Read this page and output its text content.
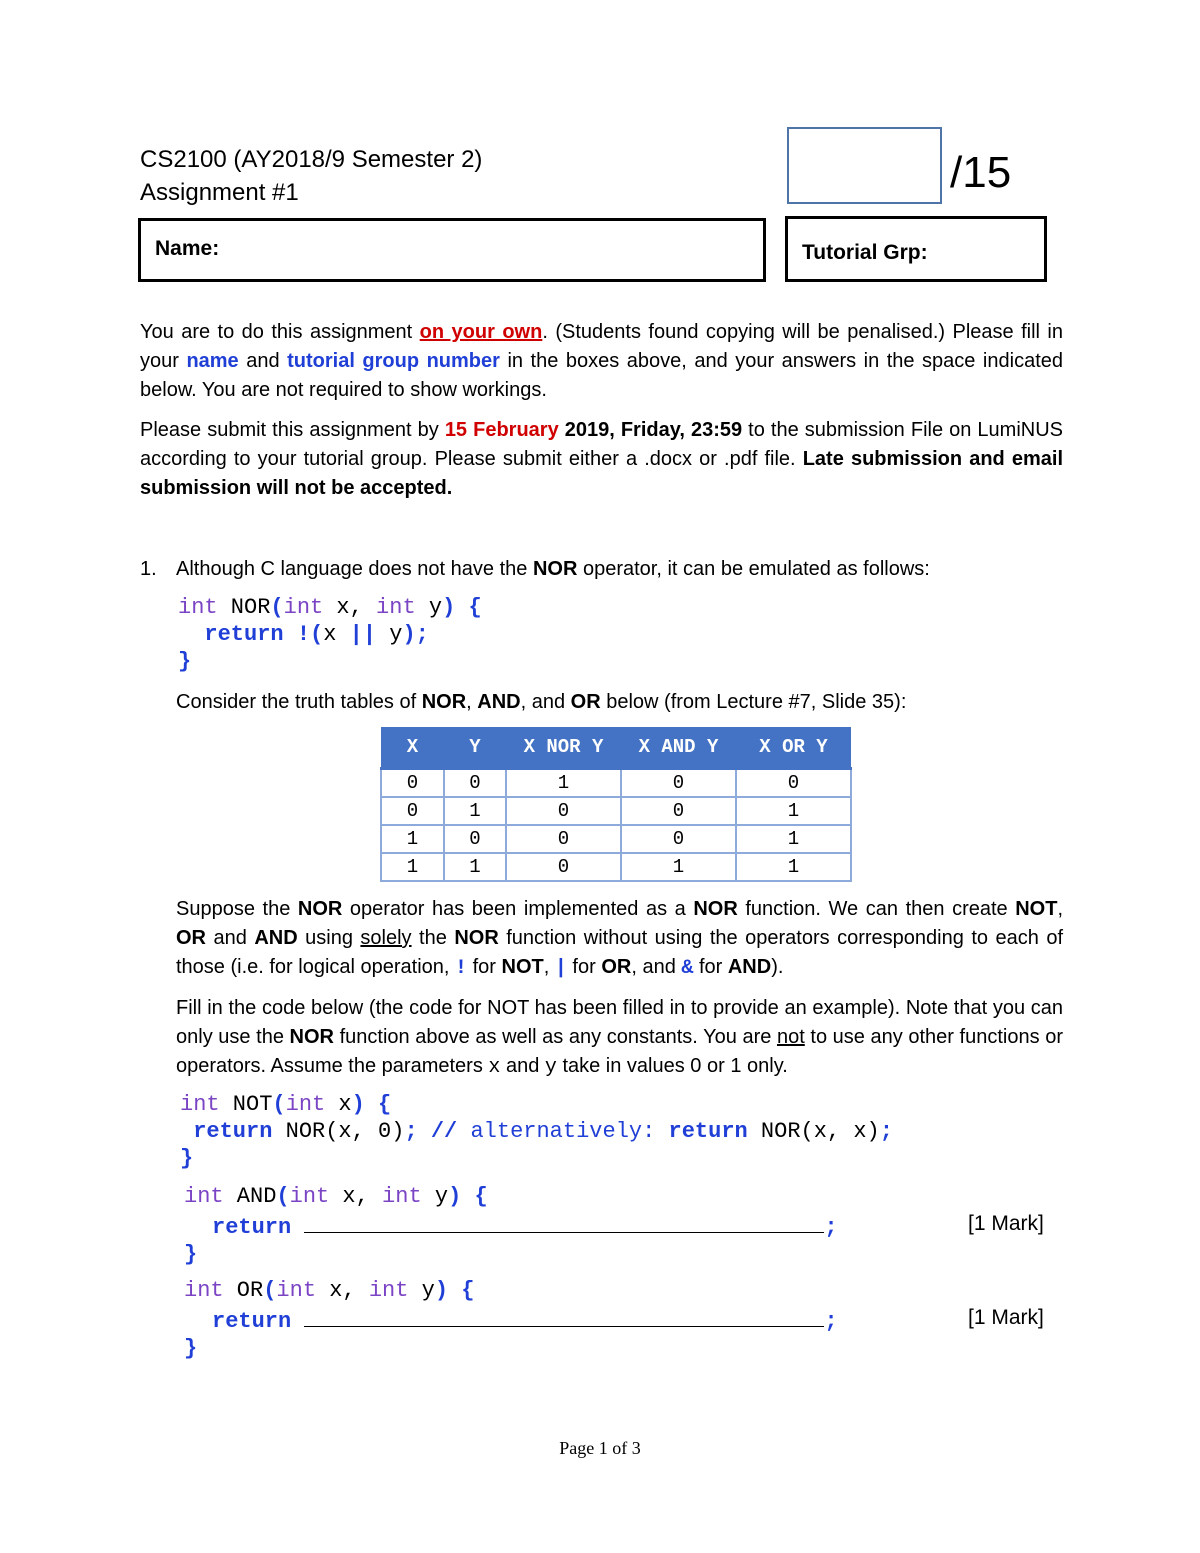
CS2100 (AY2018/9 Semester 2)
Assignment #1	/15
Name:	Tutorial Grp:
You are to do this assignment on your own. (Students found copying will be penalised.) Please fill in your name and tutorial group number in the boxes above, and your answers in the space indicated below. You are not required to show workings.
Please submit this assignment by 15 February 2019, Friday, 23:59 to the submission File on LumiNUS according to your tutorial group. Please submit either a .docx or .pdf file. Late submission and email submission will not be accepted.
1. Although C language does not have the NOR operator, it can be emulated as follows:
int NOR(int x, int y) {
return !(x || y);
}
Consider the truth tables of NOR, AND, and OR below (from Lecture #7, Slide 35):
X	Y	X NOR Y	X AND Y	X OR Y
0	0	1	0	0
0	1	0	0	1
1	0	0	0	1
1	1	0	1	1
Suppose the NOR operator has been implemented as a NOR function. We can then create NOT, OR and AND using solely the NOR function without using the operators corresponding to each of those (i.e. for logical operation, ! for NOT, | for OR, and & for AND).
Fill in the code below (the code for NOT has been filled in to provide an example). Note that you can only use the NOR function above as well as any constants. You are not to use any other functions or operators. Assume the parameters x and y take in values 0 or 1 only.
int NOT(int x) {
return NOR(x, 0); // alternatively: return NOR(x, x);
}
int AND(int x, int y) {
return	;
}
[1 Mark]
int OR(int x, int y) {
return	;
}
[1 Mark]
Page 1 of 3
